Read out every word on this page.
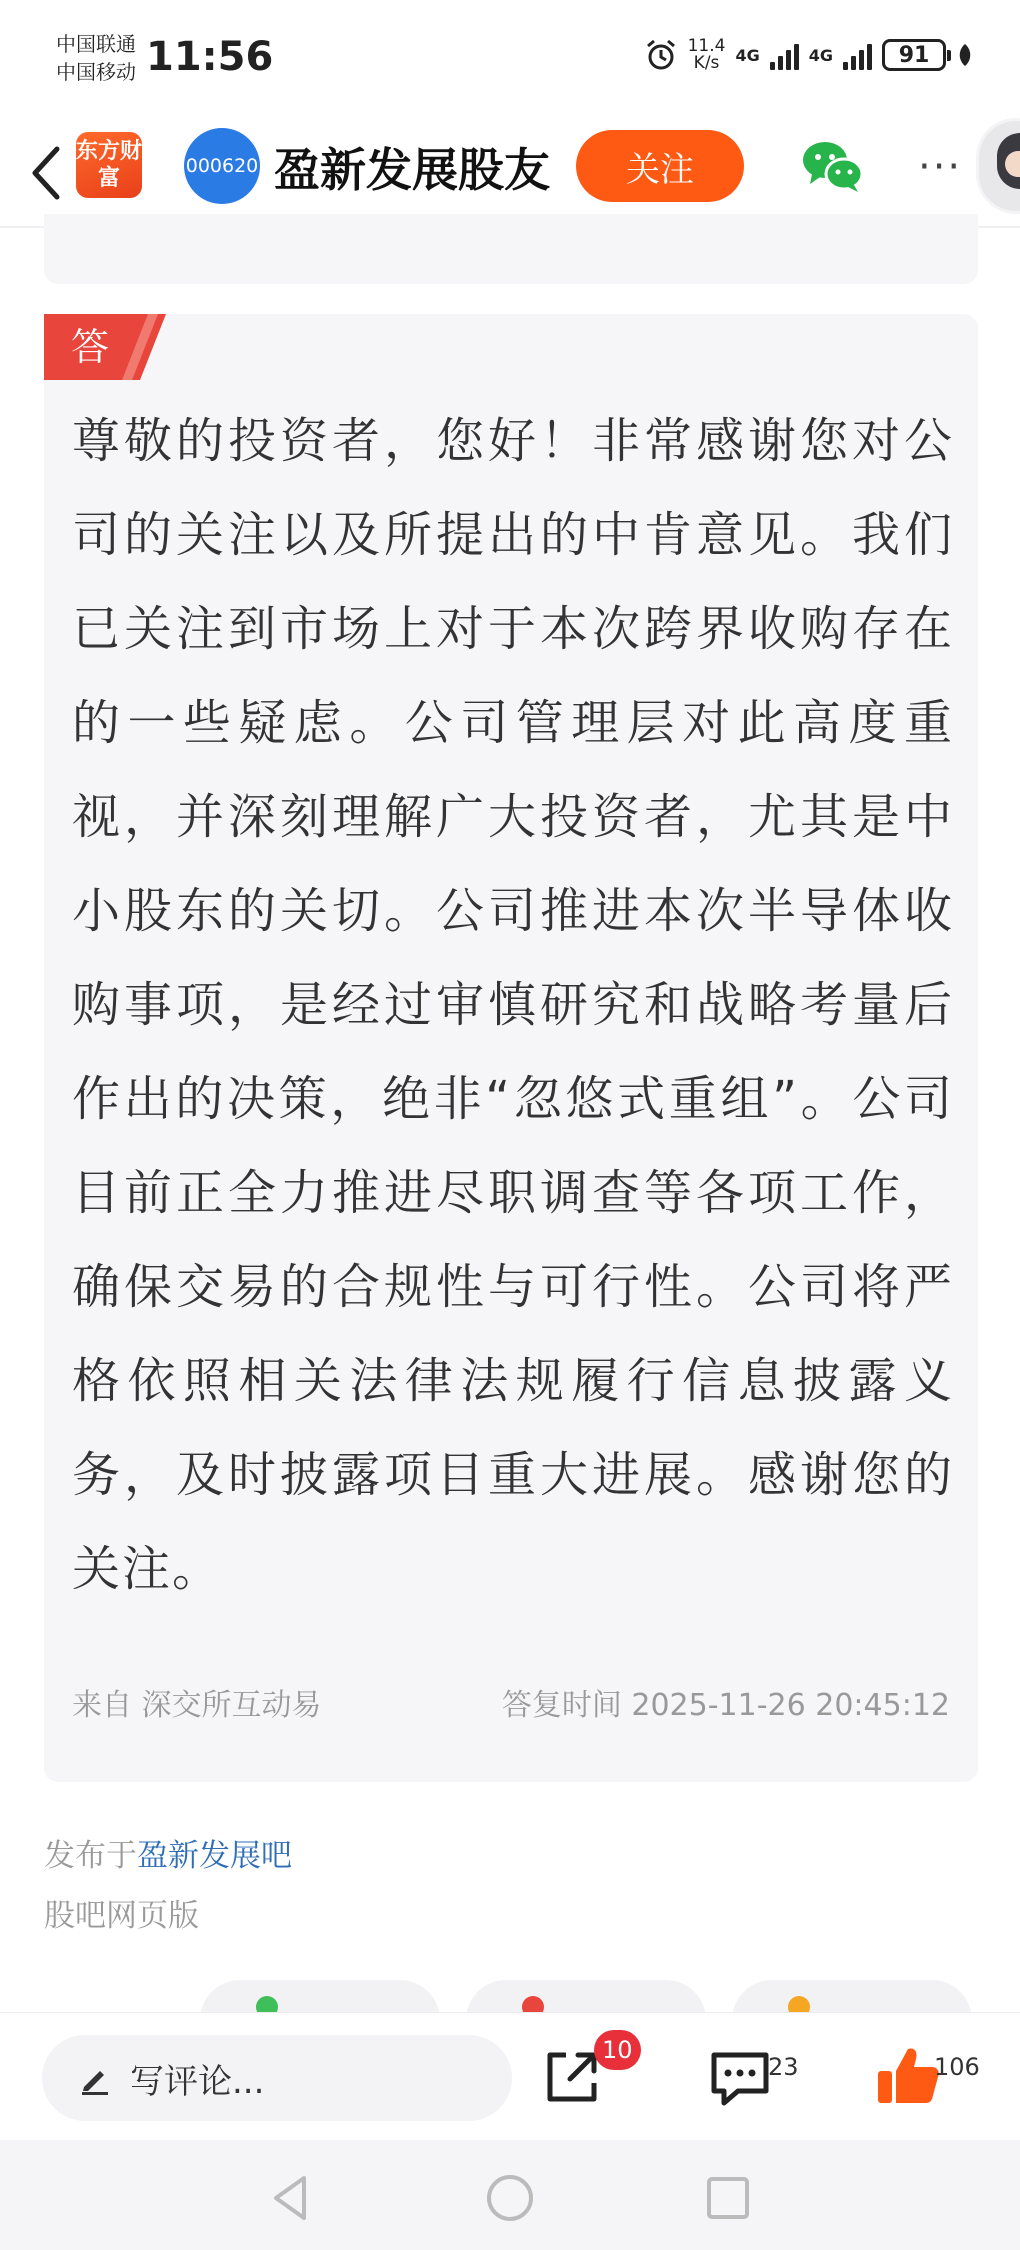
中国联通
中国移动 11:56	11.4
K/s	4G	4G	91
东方财富	000620 盈新发展股友	关注	···
答
尊敬的投资者，您好！非常感谢您对公司的关注以及所提出的中肯意见。我们已关注到市场上对于本次跨界收购存在的一些疑虑。公司管理层对此高度重视，并深刻理解广大投资者，尤其是中小股东的关切。公司推进本次半导体收购事项，是经过审慎研究和战略考量后作出的决策，绝非“忽悠式重组”。公司目前正全力推进尽职调查等各项工作，确保交易的合规性与可行性。公司将严格依照相关法律法规履行信息披露义务，及时披露项目重大进展。感谢您的关注。
来自 深交所互动易	答复时间 2025-11-26 20:45:12
发布于盈新发展吧
股吧网页版
写评论...	23	106
10
